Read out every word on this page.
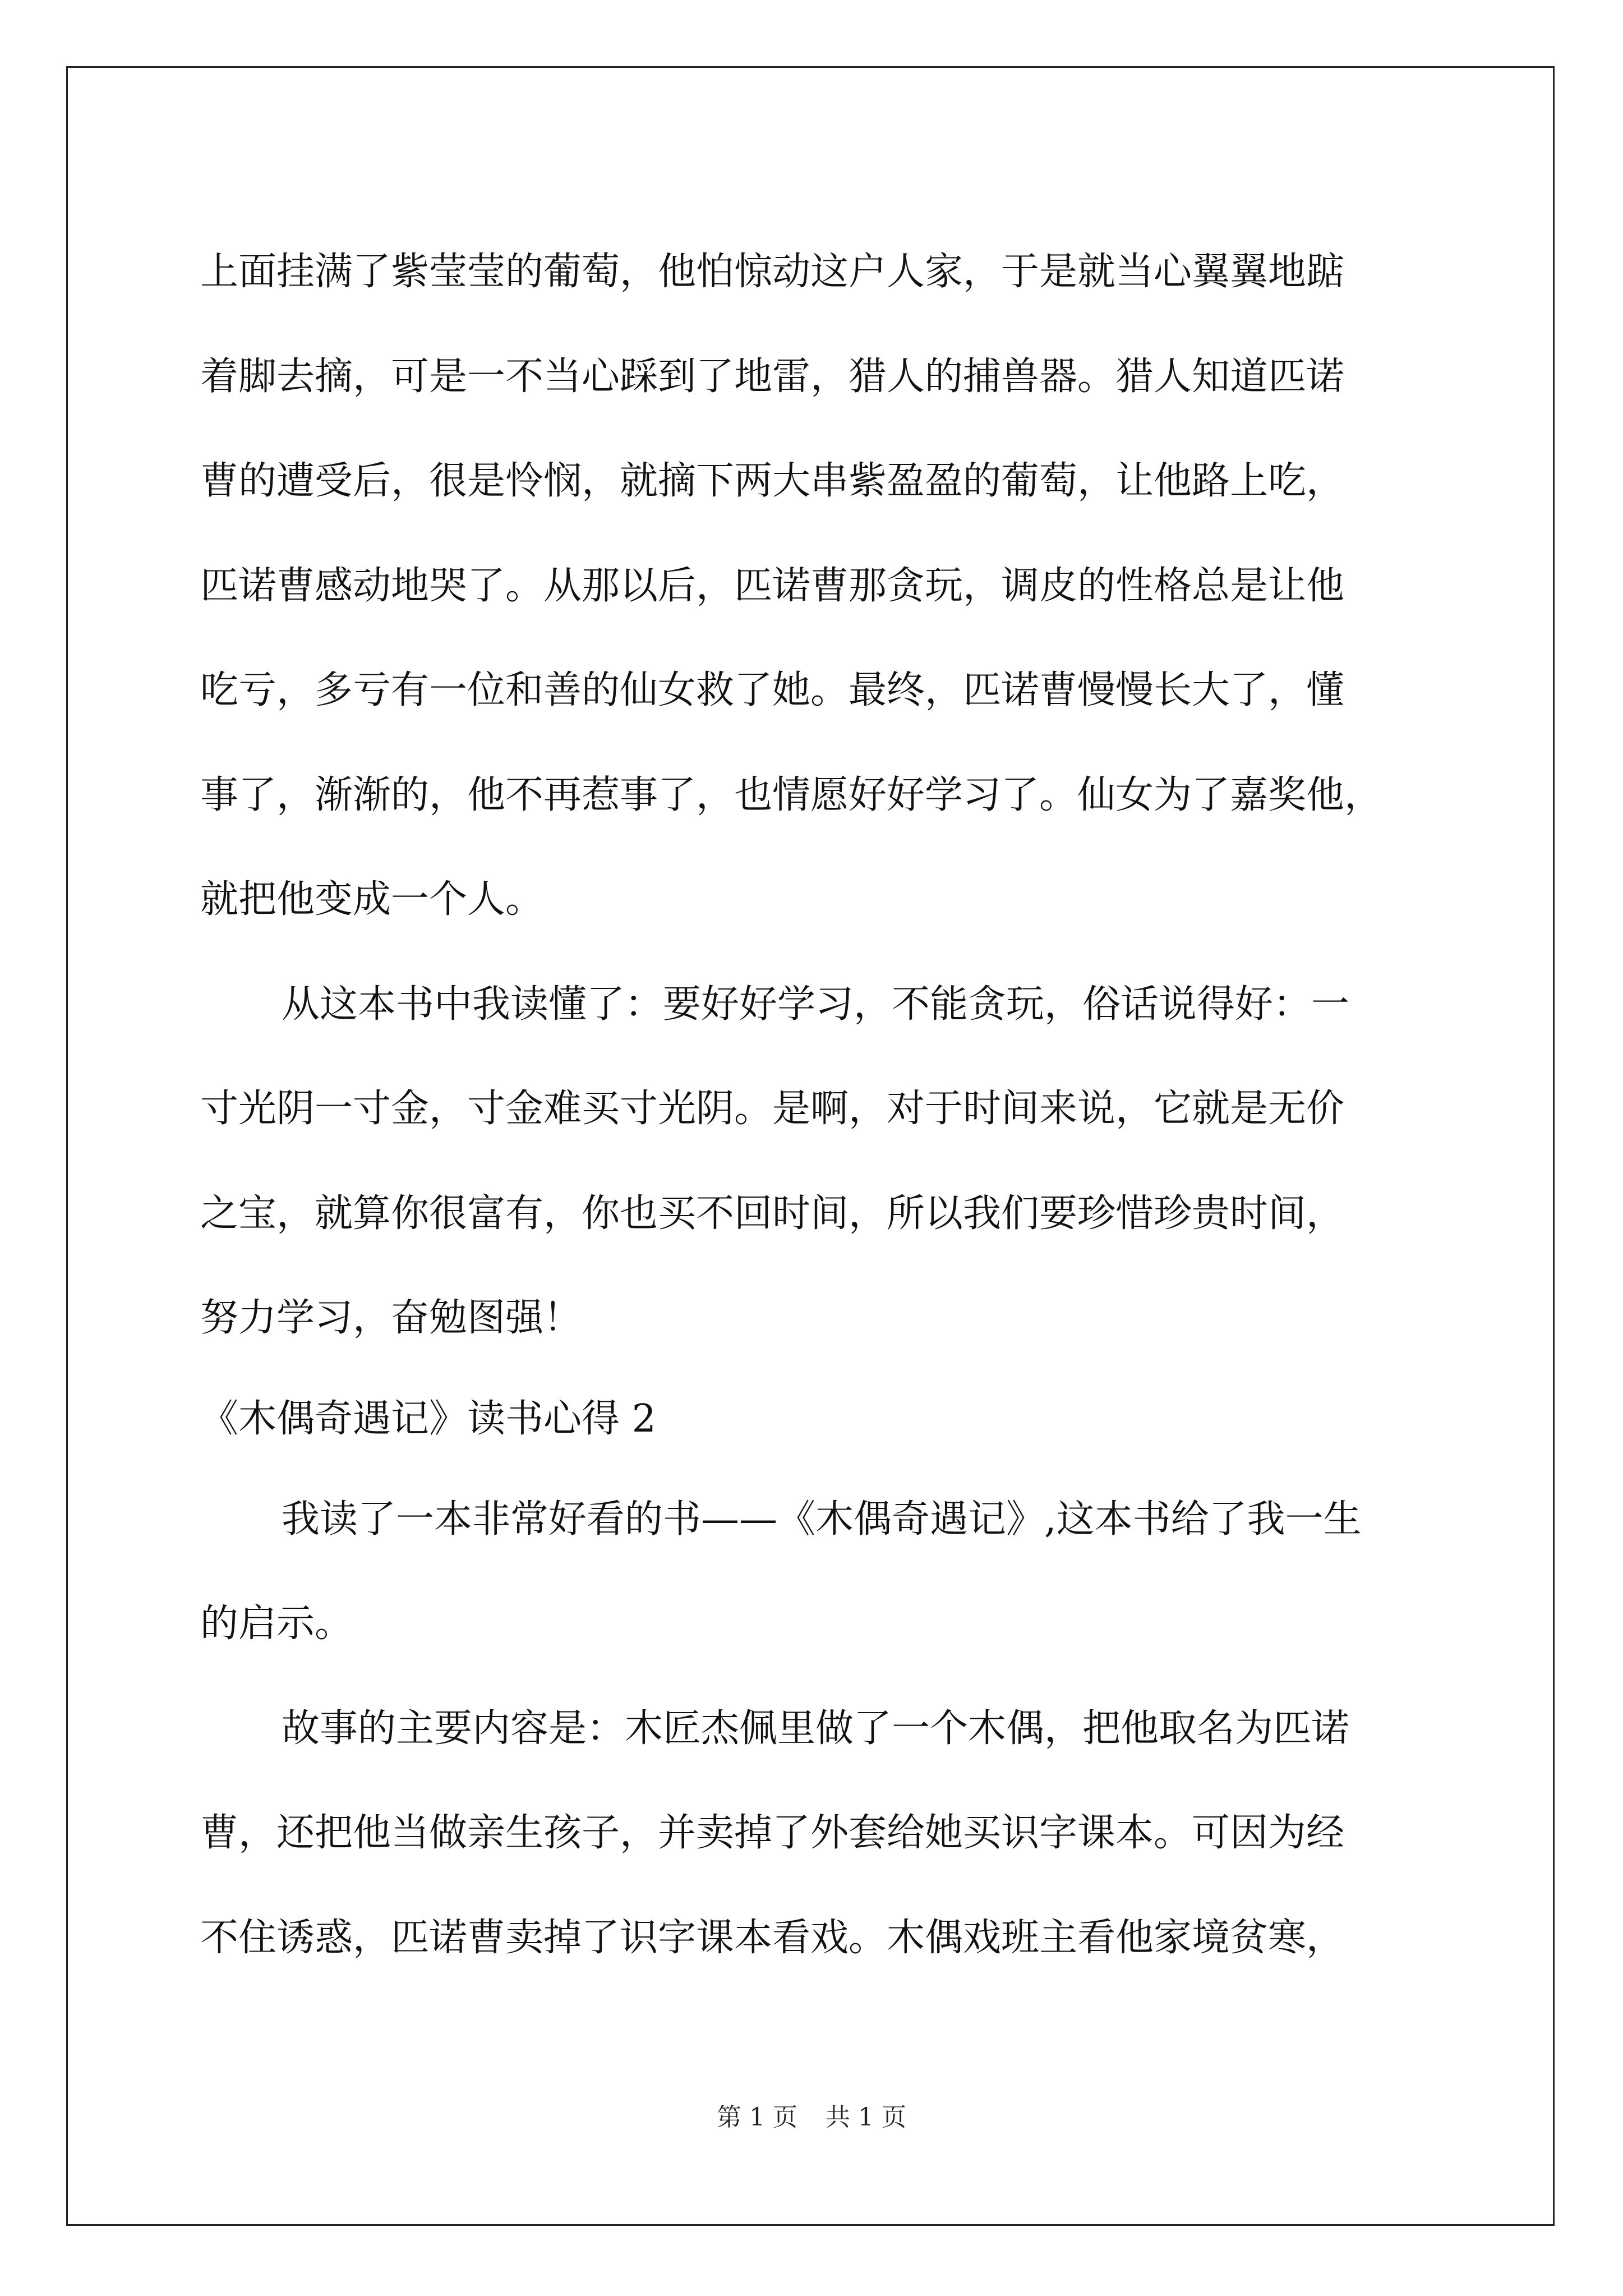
上面挂满了紫莹莹的葡萄，他怕惊动这户人家，于是就当心翼翼地踮
着脚去摘，可是一不当心踩到了地雷，猎人的捕兽器。猎人知道匹诺
曹的遭受后，很是怜悯，就摘下两大串紫盈盈的葡萄，让他路上吃，
匹诺曹感动地哭了。从那以后，匹诺曹那贪玩，调皮的性格总是让他
吃亏，多亏有一位和善的仙女救了她。最终，匹诺曹慢慢长大了，懂
事了，渐渐的，他不再惹事了，也情愿好好学习了。仙女为了嘉奖他，
就把他变成一个人。
从这本书中我读懂了：要好好学习，不能贪玩，俗话说得好：一
寸光阴一寸金，寸金难买寸光阴。是啊，对于时间来说，它就是无价
之宝，就算你很富有，你也买不回时间，所以我们要珍惜珍贵时间，
努力学习，奋勉图强！
《木偶奇遇记》读书心得 2
我读了一本非常好看的书——《木偶奇遇记》,这本书给了我一生
的启示。
故事的主要内容是：木匠杰佩里做了一个木偶，把他取名为匹诺
曹，还把他当做亲生孩子，并卖掉了外套给她买识字课本。可因为经
不住诱惑，匹诺曹卖掉了识字课本看戏。木偶戏班主看他家境贫寒，
第 1 页 共 1 页
